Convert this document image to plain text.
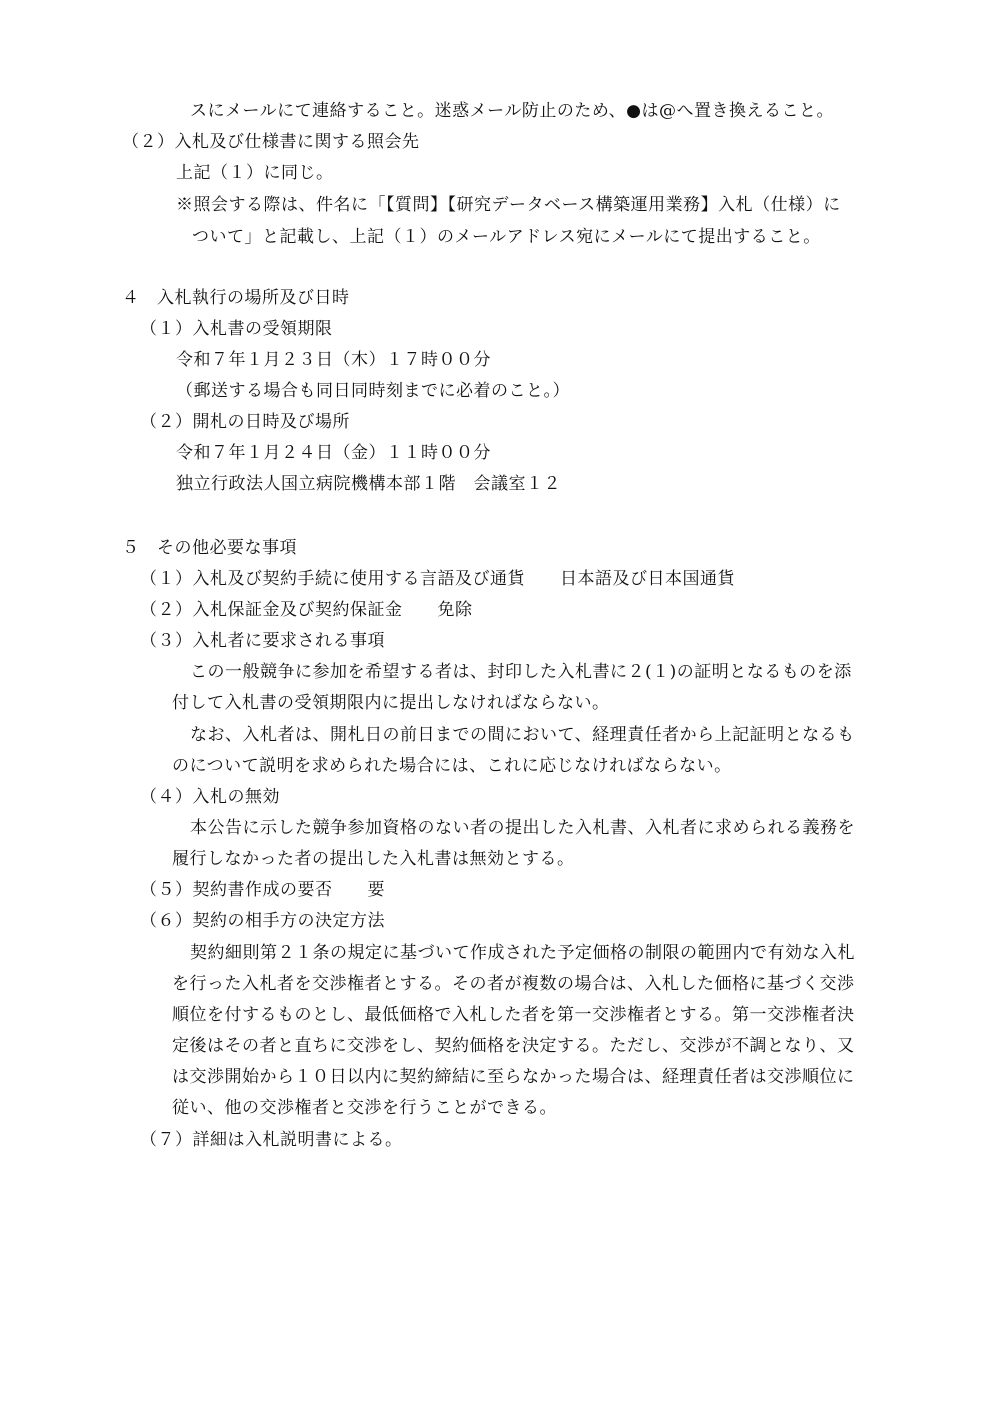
スにメールにて連絡すること。迷惑メール防止のため、●は@へ置き換えること。
（２）入札及び仕様書に関する照会先
上記（１）に同じ。
※照会する際は、件名に「【質問】【研究データベース構築運用業務】入札（仕様）に
ついて」と記載し、上記（１）のメールアドレス宛にメールにて提出すること。
４　入札執行の場所及び日時
（１）入札書の受領期限
令和７年１月２３日（木）１７時００分
（郵送する場合も同日同時刻までに必着のこと。）
（２）開札の日時及び場所
令和７年１月２４日（金）１１時００分
独立行政法人国立病院機構本部１階　会議室１２
５　その他必要な事項
（１）入札及び契約手続に使用する言語及び通貨　　日本語及び日本国通貨
（２）入札保証金及び契約保証金　　免除
（３）入札者に要求される事項
この一般競争に参加を希望する者は、封印した入札書に２(１)の証明となるものを添
付して入札書の受領期限内に提出しなければならない。
なお、入札者は、開札日の前日までの間において、経理責任者から上記証明となるも
のについて説明を求められた場合には、これに応じなければならない。
（４）入札の無効
本公告に示した競争参加資格のない者の提出した入札書、入札者に求められる義務を
履行しなかった者の提出した入札書は無効とする。
（５）契約書作成の要否　　要
（６）契約の相手方の決定方法
契約細則第２１条の規定に基づいて作成された予定価格の制限の範囲内で有効な入札
を行った入札者を交渉権者とする。その者が複数の場合は、入札した価格に基づく交渉
順位を付するものとし、最低価格で入札した者を第一交渉権者とする。第一交渉権者決
定後はその者と直ちに交渉をし、契約価格を決定する。ただし、交渉が不調となり、又
は交渉開始から１０日以内に契約締結に至らなかった場合は、経理責任者は交渉順位に
従い、他の交渉権者と交渉を行うことができる。
（７）詳細は入札説明書による。
